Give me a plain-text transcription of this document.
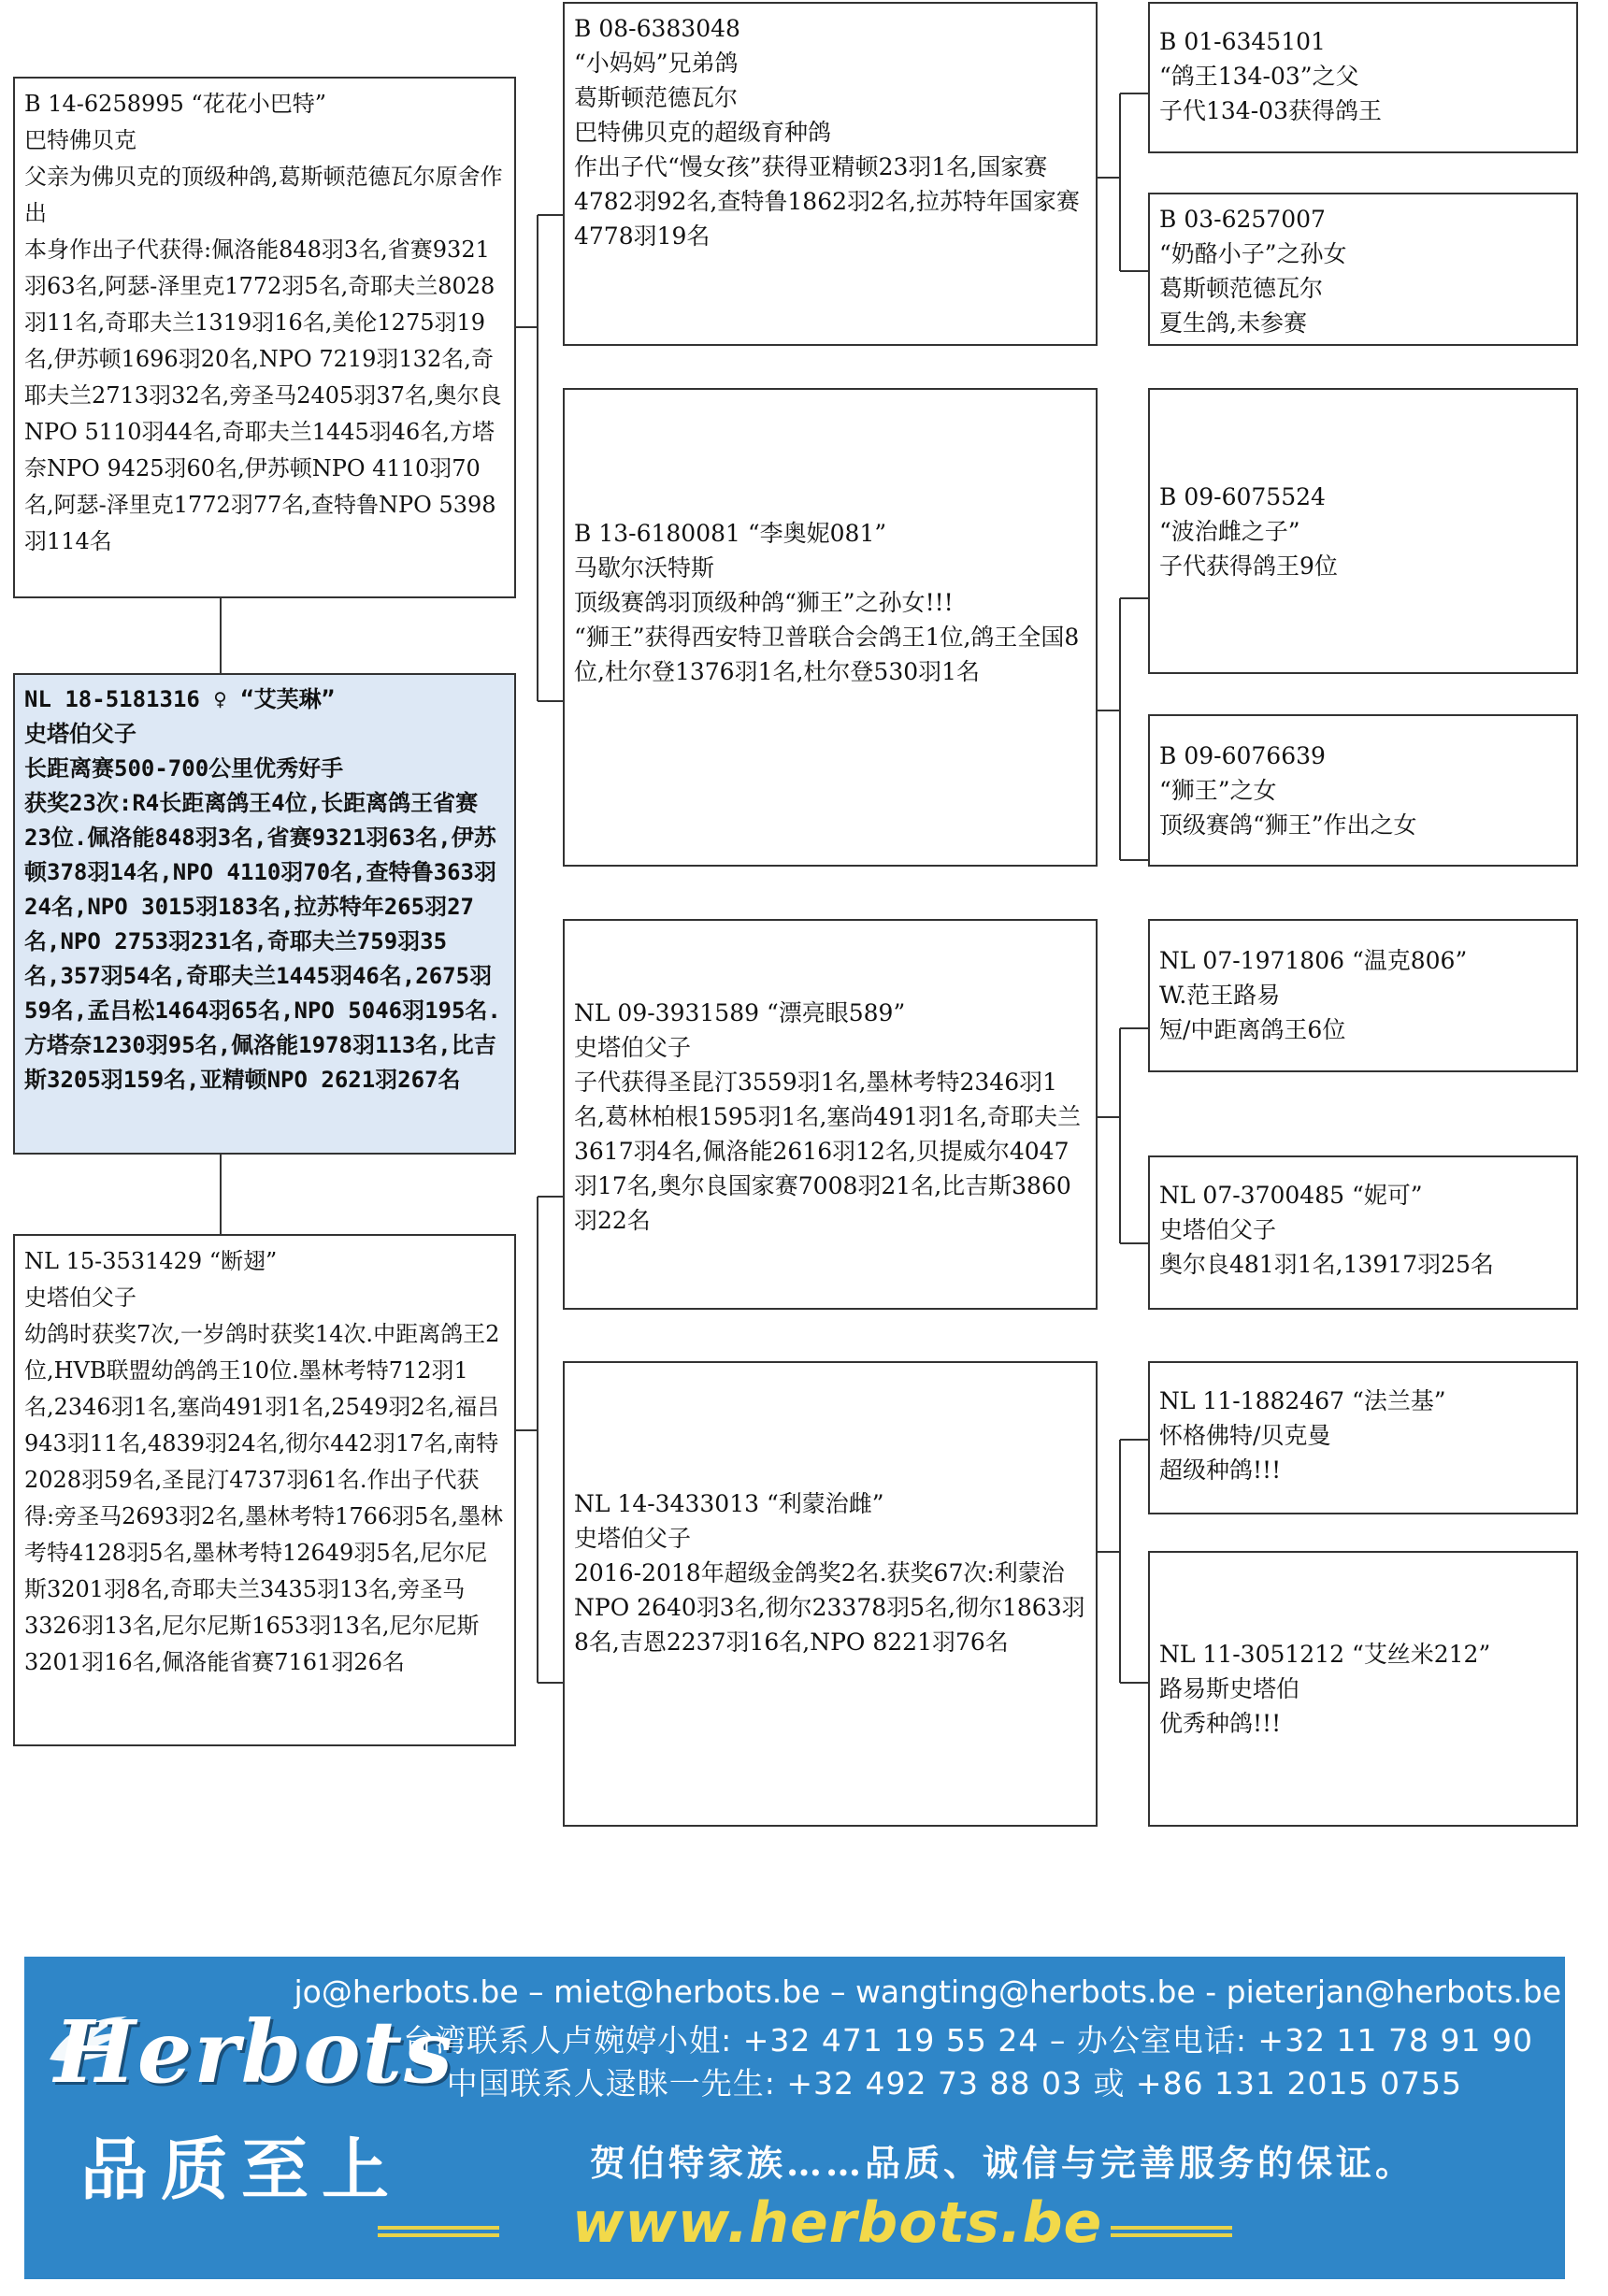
B 14-6258995 “花花小巴特”
巴特佛贝克
父亲为佛贝克的顶级种鸽,葛斯顿范德瓦尔原舍作出
本身作出子代获得:佩洛能848羽3名,省赛9321羽63名,阿瑟-泽里克1772羽5名,奇耶夫兰8028羽11名,奇耶夫兰1319羽16名,美伦1275羽19名,伊苏顿1696羽20名,NPO 7219羽132名,奇耶夫兰2713羽32名,旁圣马2405羽37名,奥尔良NPO 5110羽44名,奇耶夫兰1445羽46名,方塔奈NPO 9425羽60名,伊苏顿NPO 4110羽70名,阿瑟-泽里克1772羽77名,查特鲁NPO 5398羽114名
NL 18-5181316 ♀ “艾芙琳”
史塔伯父子
长距离赛500-700公里优秀好手
获奖23次:R4长距离鸽王4位,长距离鸽王省赛23位.佩洛能848羽3名,省赛9321羽63名,伊苏顿378羽14名,NPO 4110羽70名,查特鲁363羽24名,NPO 3015羽183名,拉苏特年265羽27名,NPO 2753羽231名,奇耶夫兰759羽35名,357羽54名,奇耶夫兰1445羽46名,2675羽59名,孟吕松1464羽65名,NPO 5046羽195名.方塔奈1230羽95名,佩洛能1978羽113名,比吉斯3205羽159名,亚精顿NPO 2621羽267名
NL 15-3531429 “断翅”
史塔伯父子
幼鸽时获奖7次,一岁鸽时获奖14次.中距离鸽王2位,HVB联盟幼鸽鸽王10位.墨林考特712羽1名,2346羽1名,塞尚491羽1名,2549羽2名,福吕943羽11名,4839羽24名,彻尔442羽17名,南特2028羽59名,圣昆汀4737羽61名.作出子代获得:旁圣马2693羽2名,墨林考特1766羽5名,墨林考特4128羽5名,墨林考特12649羽5名,尼尔尼斯3201羽8名,奇耶夫兰3435羽13名,旁圣马3326羽13名,尼尔尼斯1653羽13名,尼尔尼斯3201羽16名,佩洛能省赛7161羽26名
B 08-6383048
“小妈妈”兄弟鸽
葛斯顿范德瓦尔
巴特佛贝克的超级育种鸽
作出子代“慢女孩”获得亚精顿23羽1名,国家赛4782羽92名,查特鲁1862羽2名,拉苏特年国家赛4778羽19名
B 13-6180081 “李奥妮081”
马歇尔沃特斯
顶级赛鸽羽顶级种鸽“狮王”之孙女!!!
“狮王”获得西安特卫普联合会鸽王1位,鸽王全国8位,杜尔登1376羽1名,杜尔登530羽1名
NL 09-3931589 “漂亮眼589”
史塔伯父子
子代获得圣昆汀3559羽1名,墨林考特2346羽1名,葛林柏根1595羽1名,塞尚491羽1名,奇耶夫兰3617羽4名,佩洛能2616羽12名,贝提威尔4047羽17名,奥尔良国家赛7008羽21名,比吉斯3860羽22名
NL 14-3433013 “利蒙治雌”
史塔伯父子
2016-2018年超级金鸽奖2名.获奖67次:利蒙治NPO 2640羽3名,彻尔23378羽5名,彻尔1863羽8名,吉恩2237羽16名,NPO 8221羽76名
B 01-6345101
“鸽王134-03”之父
子代134-03获得鸽王
B 03-6257007
“奶酪小子”之孙女
葛斯顿范德瓦尔
夏生鸽,未参赛
B 09-6075524
“波治雌之子”
子代获得鸽王9位
B 09-6076639
“狮王”之女
顶级赛鸽“狮王”作出之女
NL 07-1971806 “温克806”
W.范王路易
短/中距离鸽王6位
NL 07-3700485 “妮可”
史塔伯父子
奥尔良481羽1名,13917羽25名
NL 11-1882467 “法兰基”
怀格佛特/贝克曼
超级种鸽!!!
NL 11-3051212 “艾丝米212”
路易斯史塔伯
优秀种鸽!!!
Herbots
品质至上
jo@herbots.be – miet@herbots.be – wangting@herbots.be - pieterjan@herbots.be
台湾联系人卢婉婷小姐: +32 471 19 55 24 – 办公室电话: +32 11 78 91 90
中国联系人逯睐一先生: +32 492 73 88 03 或 +86 131 2015 0755
贺伯特家族……品质、诚信与完善服务的保证。
www.herbots.be
